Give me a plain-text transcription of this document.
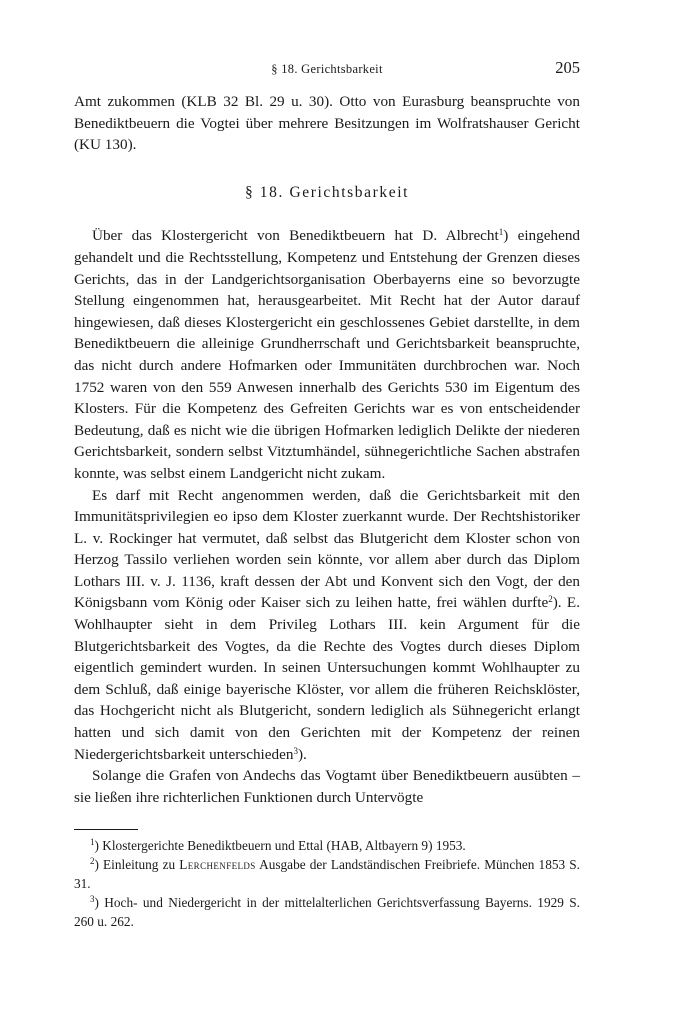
§ 18. Gerichtsbarkeit	205

Amt zukommen (KLB 32 Bl. 29 u. 30). Otto von Eurasburg beanspruchte von Benediktbeuern die Vogtei über mehrere Besitzungen im Wolfratshauser Gericht (KU 130).

§ 18. Gerichtsbarkeit

Über das Klostergericht von Benediktbeuern hat D. Albrecht$^1$) eingehend gehandelt und die Rechtsstellung, Kompetenz und Entstehung der Grenzen dieses Gerichts, das in der Landgerichtsorganisation Oberbayerns eine so bevorzugte Stellung eingenommen hat, herausgearbeitet. Mit Recht hat der Autor darauf hingewiesen, daß dieses Klostergericht ein geschlossenes Gebiet darstellte, in dem Benediktbeuern die alleinige Grundherrschaft und Gerichtsbarkeit beanspruchte, das nicht durch andere Hofmarken oder Immunitäten durchbrochen war. Noch 1752 waren von den 559 Anwesen innerhalb des Gerichts 530 im Eigentum des Klosters. Für die Kompetenz des Gefreiten Gerichts war es von entscheidender Bedeutung, daß es nicht wie die übrigen Hofmarken lediglich Delikte der niederen Gerichtsbarkeit, sondern selbst Vitztumhändel, sühnegerichtliche Sachen abstrafen konnte, was selbst einem Landgericht nicht zukam.

Es darf mit Recht angenommen werden, daß die Gerichtsbarkeit mit den Immunitätsprivilegien eo ipso dem Kloster zuerkannt wurde. Der Rechtshistoriker L. v. Rockinger hat vermutet, daß selbst das Blutgericht dem Kloster schon von Herzog Tassilo verliehen worden sein könnte, vor allem aber durch das Diplom Lothars III. v. J. 1136, kraft dessen der Abt und Konvent sich den Vogt, der den Königsbann vom König oder Kaiser sich zu leihen hatte, frei wählen durfte$^2$). E. Wohlhaupter sieht in dem Privileg Lothars III. kein Argument für die Blutgerichtsbarkeit des Vogtes, da die Rechte des Vogtes durch dieses Diplom eigentlich gemindert wurden. In seinen Untersuchungen kommt Wohlhaupter zu dem Schluß, daß einige bayerische Klöster, vor allem die früheren Reichsklöster, das Hochgericht nicht als Blutgericht, sondern lediglich als Sühnegericht erlangt hatten und sich damit von den Gerichten mit der Kompetenz der reinen Niedergerichtsbarkeit unterschieden$^3$).

Solange die Grafen von Andechs das Vogtamt über Benediktbeuern ausübten – sie ließen ihre richterlichen Funktionen durch Untervögte

$^1$) Klostergerichte Benediktbeuern und Ettal (HAB, Altbayern 9) 1953.

$^2$) Einleitung zu Lerchenfelds Ausgabe der Landständischen Freibriefe. München 1853 S. 31.

$^3$) Hoch- und Niedergericht in der mittelalterlichen Gerichtsverfassung Bayerns. 1929 S. 260 u. 262.
